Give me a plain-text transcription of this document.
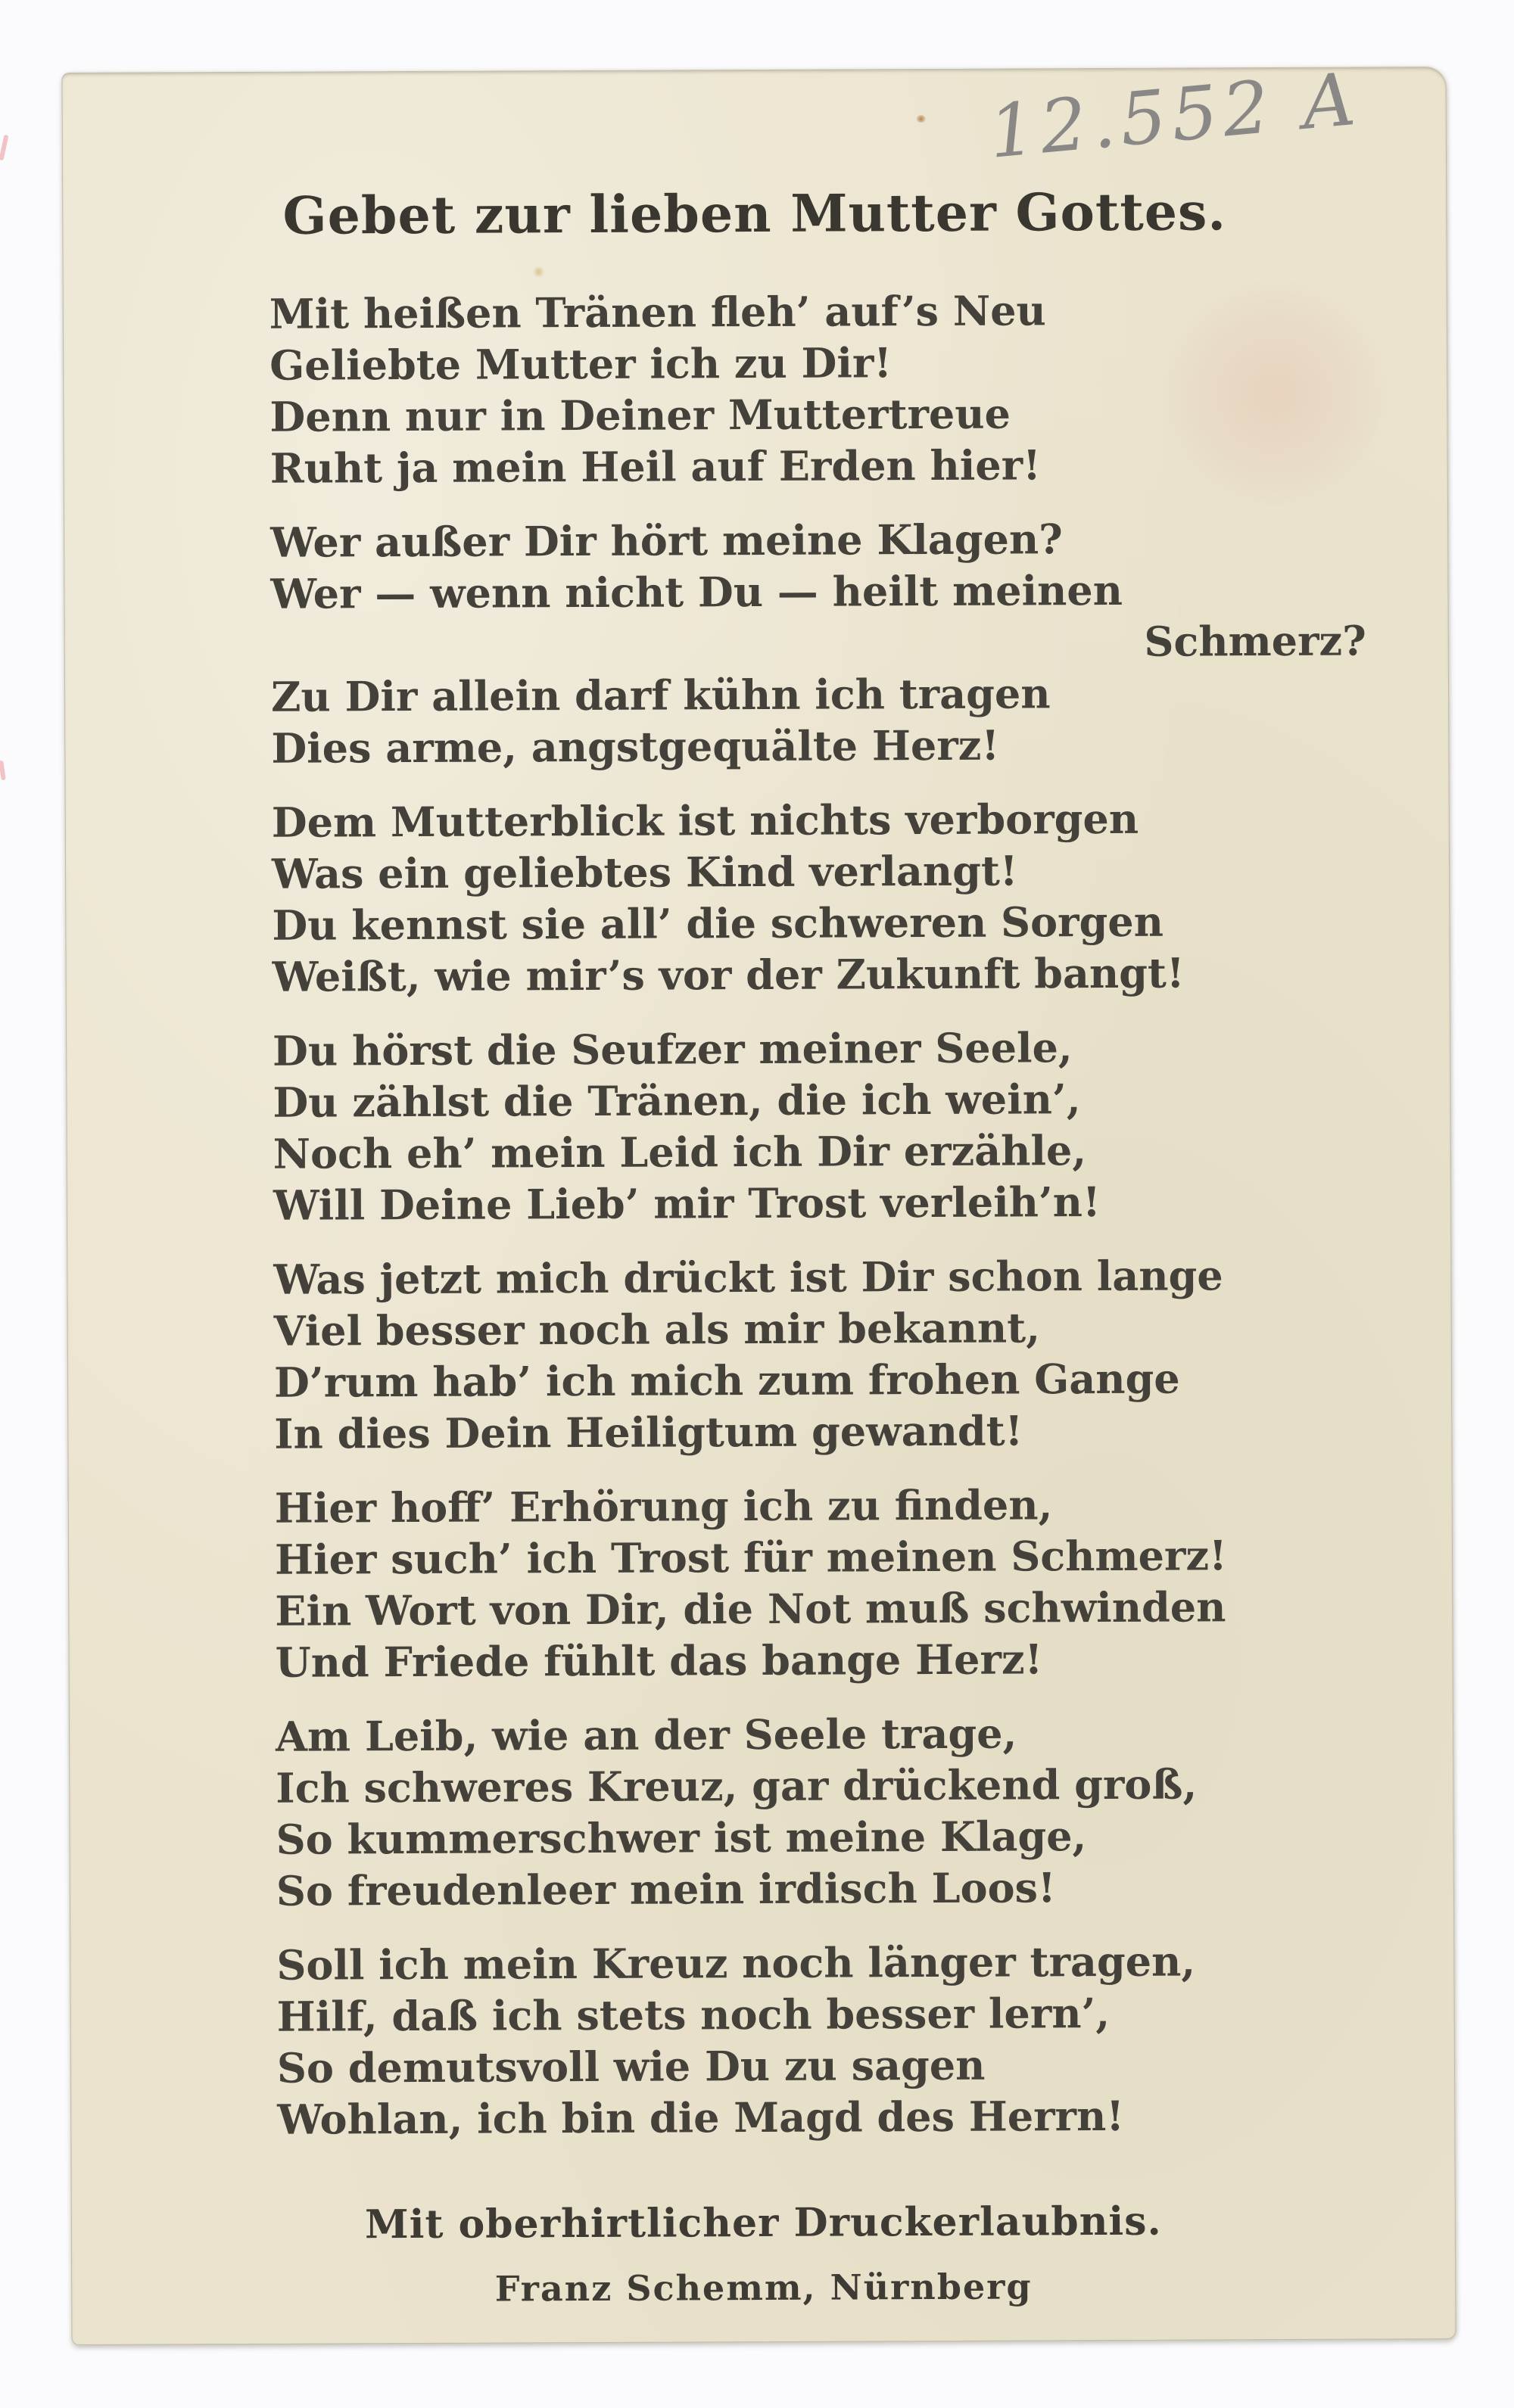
12.552 A
Gebet zur lieben Mutter Gottes.

Mit heißen Tränen fleh’ auf’s Neu
Geliebte Mutter ich zu Dir!
Denn nur in Deiner Muttertreue
Ruht ja mein Heil auf Erden hier!

Wer außer Dir hört meine Klagen?
Wer — wenn nicht Du — heilt meinen
Schmerz?
Zu Dir allein darf kühn ich tragen
Dies arme, angstgequälte Herz!

Dem Mutterblick ist nichts verborgen
Was ein geliebtes Kind verlangt!
Du kennst sie all’ die schweren Sorgen
Weißt, wie mir’s vor der Zukunft bangt!

Du hörst die Seufzer meiner Seele,
Du zählst die Tränen, die ich wein’,
Noch eh’ mein Leid ich Dir erzähle,
Will Deine Lieb’ mir Trost verleih’n!

Was jetzt mich drückt ist Dir schon lange
Viel besser noch als mir bekannt,
D’rum hab’ ich mich zum frohen Gange
In dies Dein Heiligtum gewandt!

Hier hoff’ Erhörung ich zu finden,
Hier such’ ich Trost für meinen Schmerz!
Ein Wort von Dir, die Not muß schwinden
Und Friede fühlt das bange Herz!

Am Leib, wie an der Seele trage,
Ich schweres Kreuz, gar drückend groß,
So kummerschwer ist meine Klage,
So freudenleer mein irdisch Loos!

Soll ich mein Kreuz noch länger tragen,
Hilf, daß ich stets noch besser lern’,
So demutsvoll wie Du zu sagen
Wohlan, ich bin die Magd des Herrn!

Mit oberhirtlicher Druckerlaubnis.
Franz Schemm, Nürnberg
